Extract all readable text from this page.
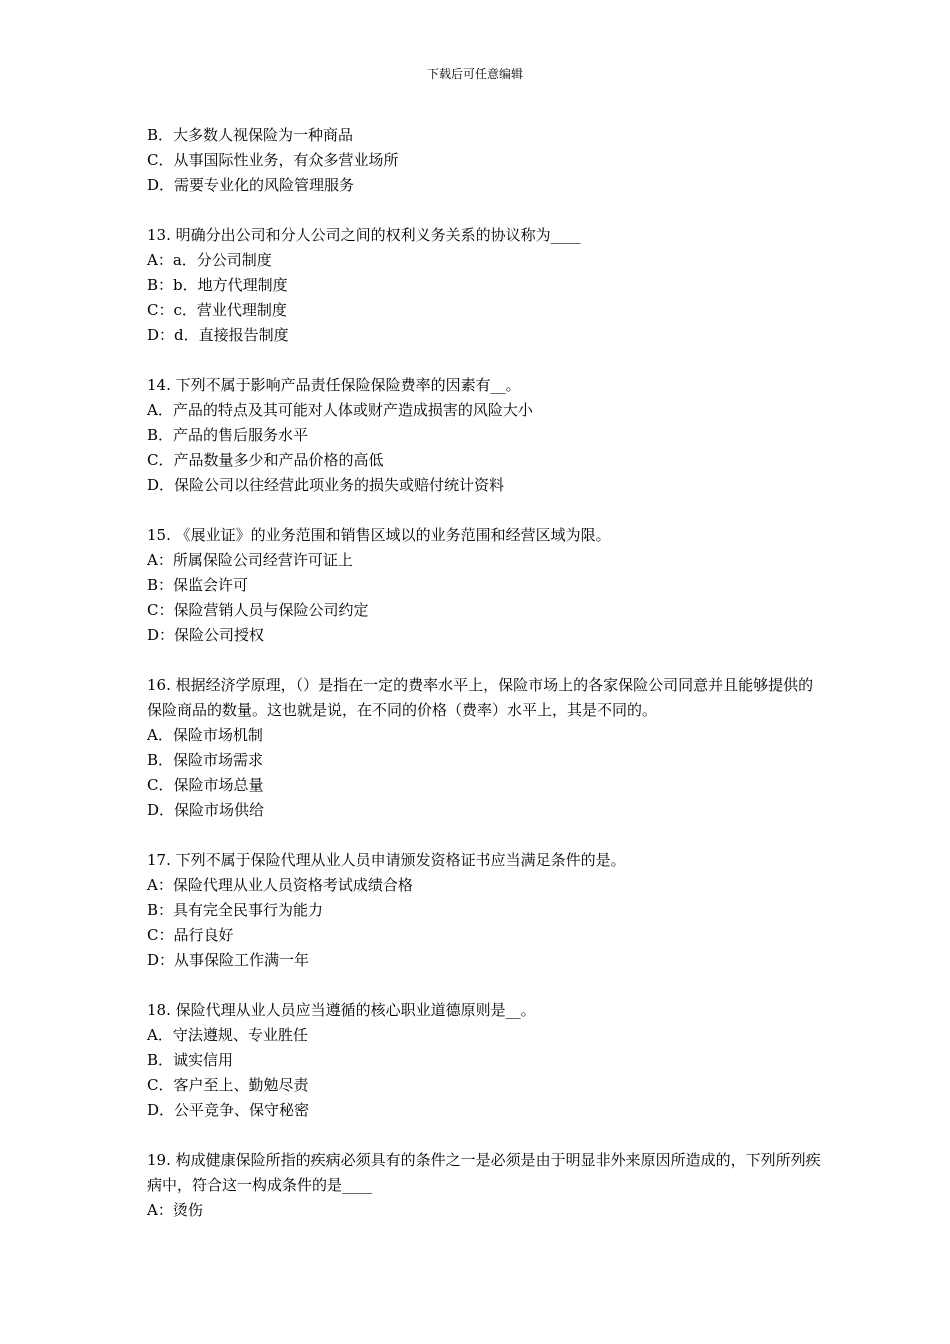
下载后可任意编辑
B．大多数人视保险为一种商品
C．从事国际性业务，有众多营业场所
D．需要专业化的风险管理服务
13. 明确分出公司和分人公司之间的权利义务关系的协议称为____
A：a．分公司制度
B：b．地方代理制度
C：c．营业代理制度
D：d．直接报告制度
14. 下列不属于影响产品责任保险保险费率的因素有__。
A．产品的特点及其可能对人体或财产造成损害的风险大小
B．产品的售后服务水平
C．产品数量多少和产品价格的高低
D．保险公司以往经营此项业务的损失或赔付统计资料
15. 《展业证》的业务范围和销售区域以的业务范围和经营区域为限。
A：所属保险公司经营许可证上
B：保监会许可
C：保险营销人员与保险公司约定
D：保险公司授权
16. 根据经济学原理，（）是指在一定的费率水平上，保险市场上的各家保险公司同意并且能够提供的保险商品的数量。这也就是说，在不同的价格（费率）水平上，其是不同的。
A．保险市场机制
B．保险市场需求
C．保险市场总量
D．保险市场供给
17. 下列不属于保险代理从业人员申请颁发资格证书应当满足条件的是。
A：保险代理从业人员资格考试成绩合格
B：具有完全民事行为能力
C：品行良好
D：从事保险工作满一年
18. 保险代理从业人员应当遵循的核心职业道德原则是__。
A．守法遵规、专业胜任
B．诚实信用
C．客户至上、勤勉尽责
D．公平竞争、保守秘密
19. 构成健康保险所指的疾病必须具有的条件之一是必须是由于明显非外来原因所造成的，下列所列疾病中，符合这一构成条件的是____
A：烫伤
